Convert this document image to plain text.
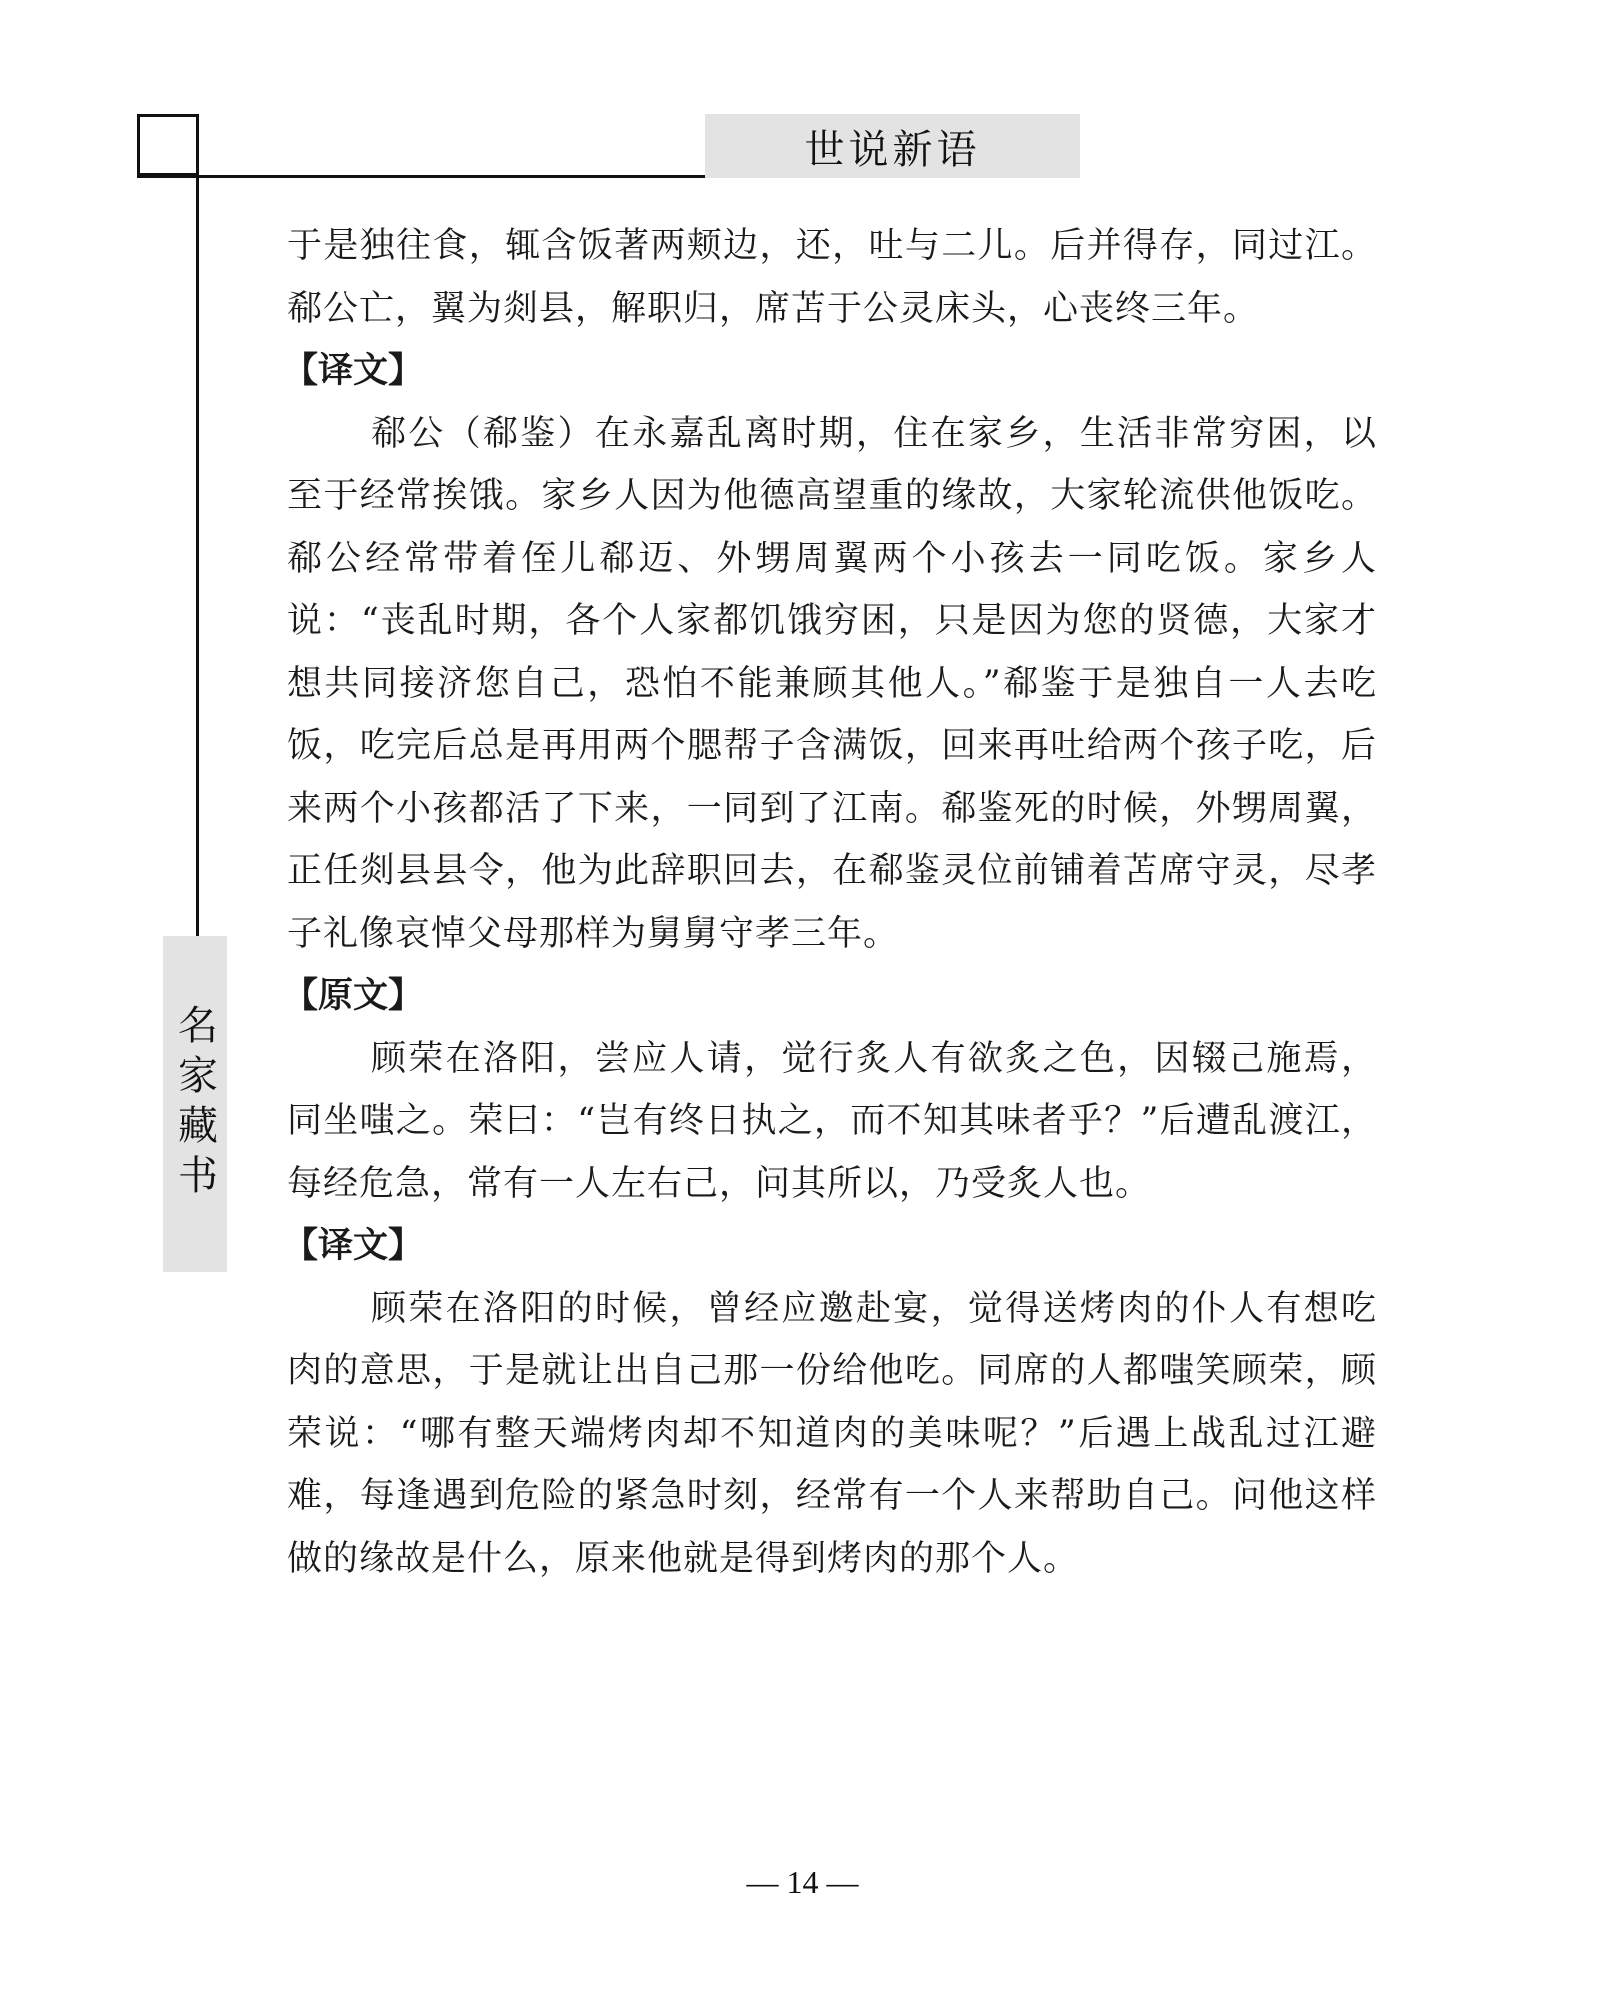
世说新语
名家藏书

于是独往食，辄含饭著两颊边，还，吐与二儿。后并得存，同过江。郗公亡，翼为剡县，解职归，席苫于公灵床头，心丧终三年。

【译文】

郗公（郗鉴）在永嘉乱离时期，住在家乡，生活非常穷困，以至于经常挨饿。家乡人因为他德高望重的缘故，大家轮流供他饭吃。郗公经常带着侄儿郗迈、外甥周翼两个小孩去一同吃饭。家乡人说：“丧乱时期，各个人家都饥饿穷困，只是因为您的贤德，大家才想共同接济您自己，恐怕不能兼顾其他人。”郗鉴于是独自一人去吃饭，吃完后总是再用两个腮帮子含满饭，回来再吐给两个孩子吃，后来两个小孩都活了下来，一同到了江南。郗鉴死的时候，外甥周翼，正任剡县县令，他为此辞职回去，在郗鉴灵位前铺着苫席守灵，尽孝子礼像哀悼父母那样为舅舅守孝三年。

【原文】

顾荣在洛阳，尝应人请，觉行炙人有欲炙之色，因辍己施焉，同坐嗤之。荣曰：“岂有终日执之，而不知其味者乎？”后遭乱渡江，每经危急，常有一人左右己，问其所以，乃受炙人也。

【译文】

顾荣在洛阳的时候，曾经应邀赴宴，觉得送烤肉的仆人有想吃肉的意思，于是就让出自己那一份给他吃。同席的人都嗤笑顾荣，顾荣说：“哪有整天端烤肉却不知道肉的美味呢？”后遇上战乱过江避难，每逢遇到危险的紧急时刻，经常有一个人来帮助自己。问他这样做的缘故是什么，原来他就是得到烤肉的那个人。

— 14 —
